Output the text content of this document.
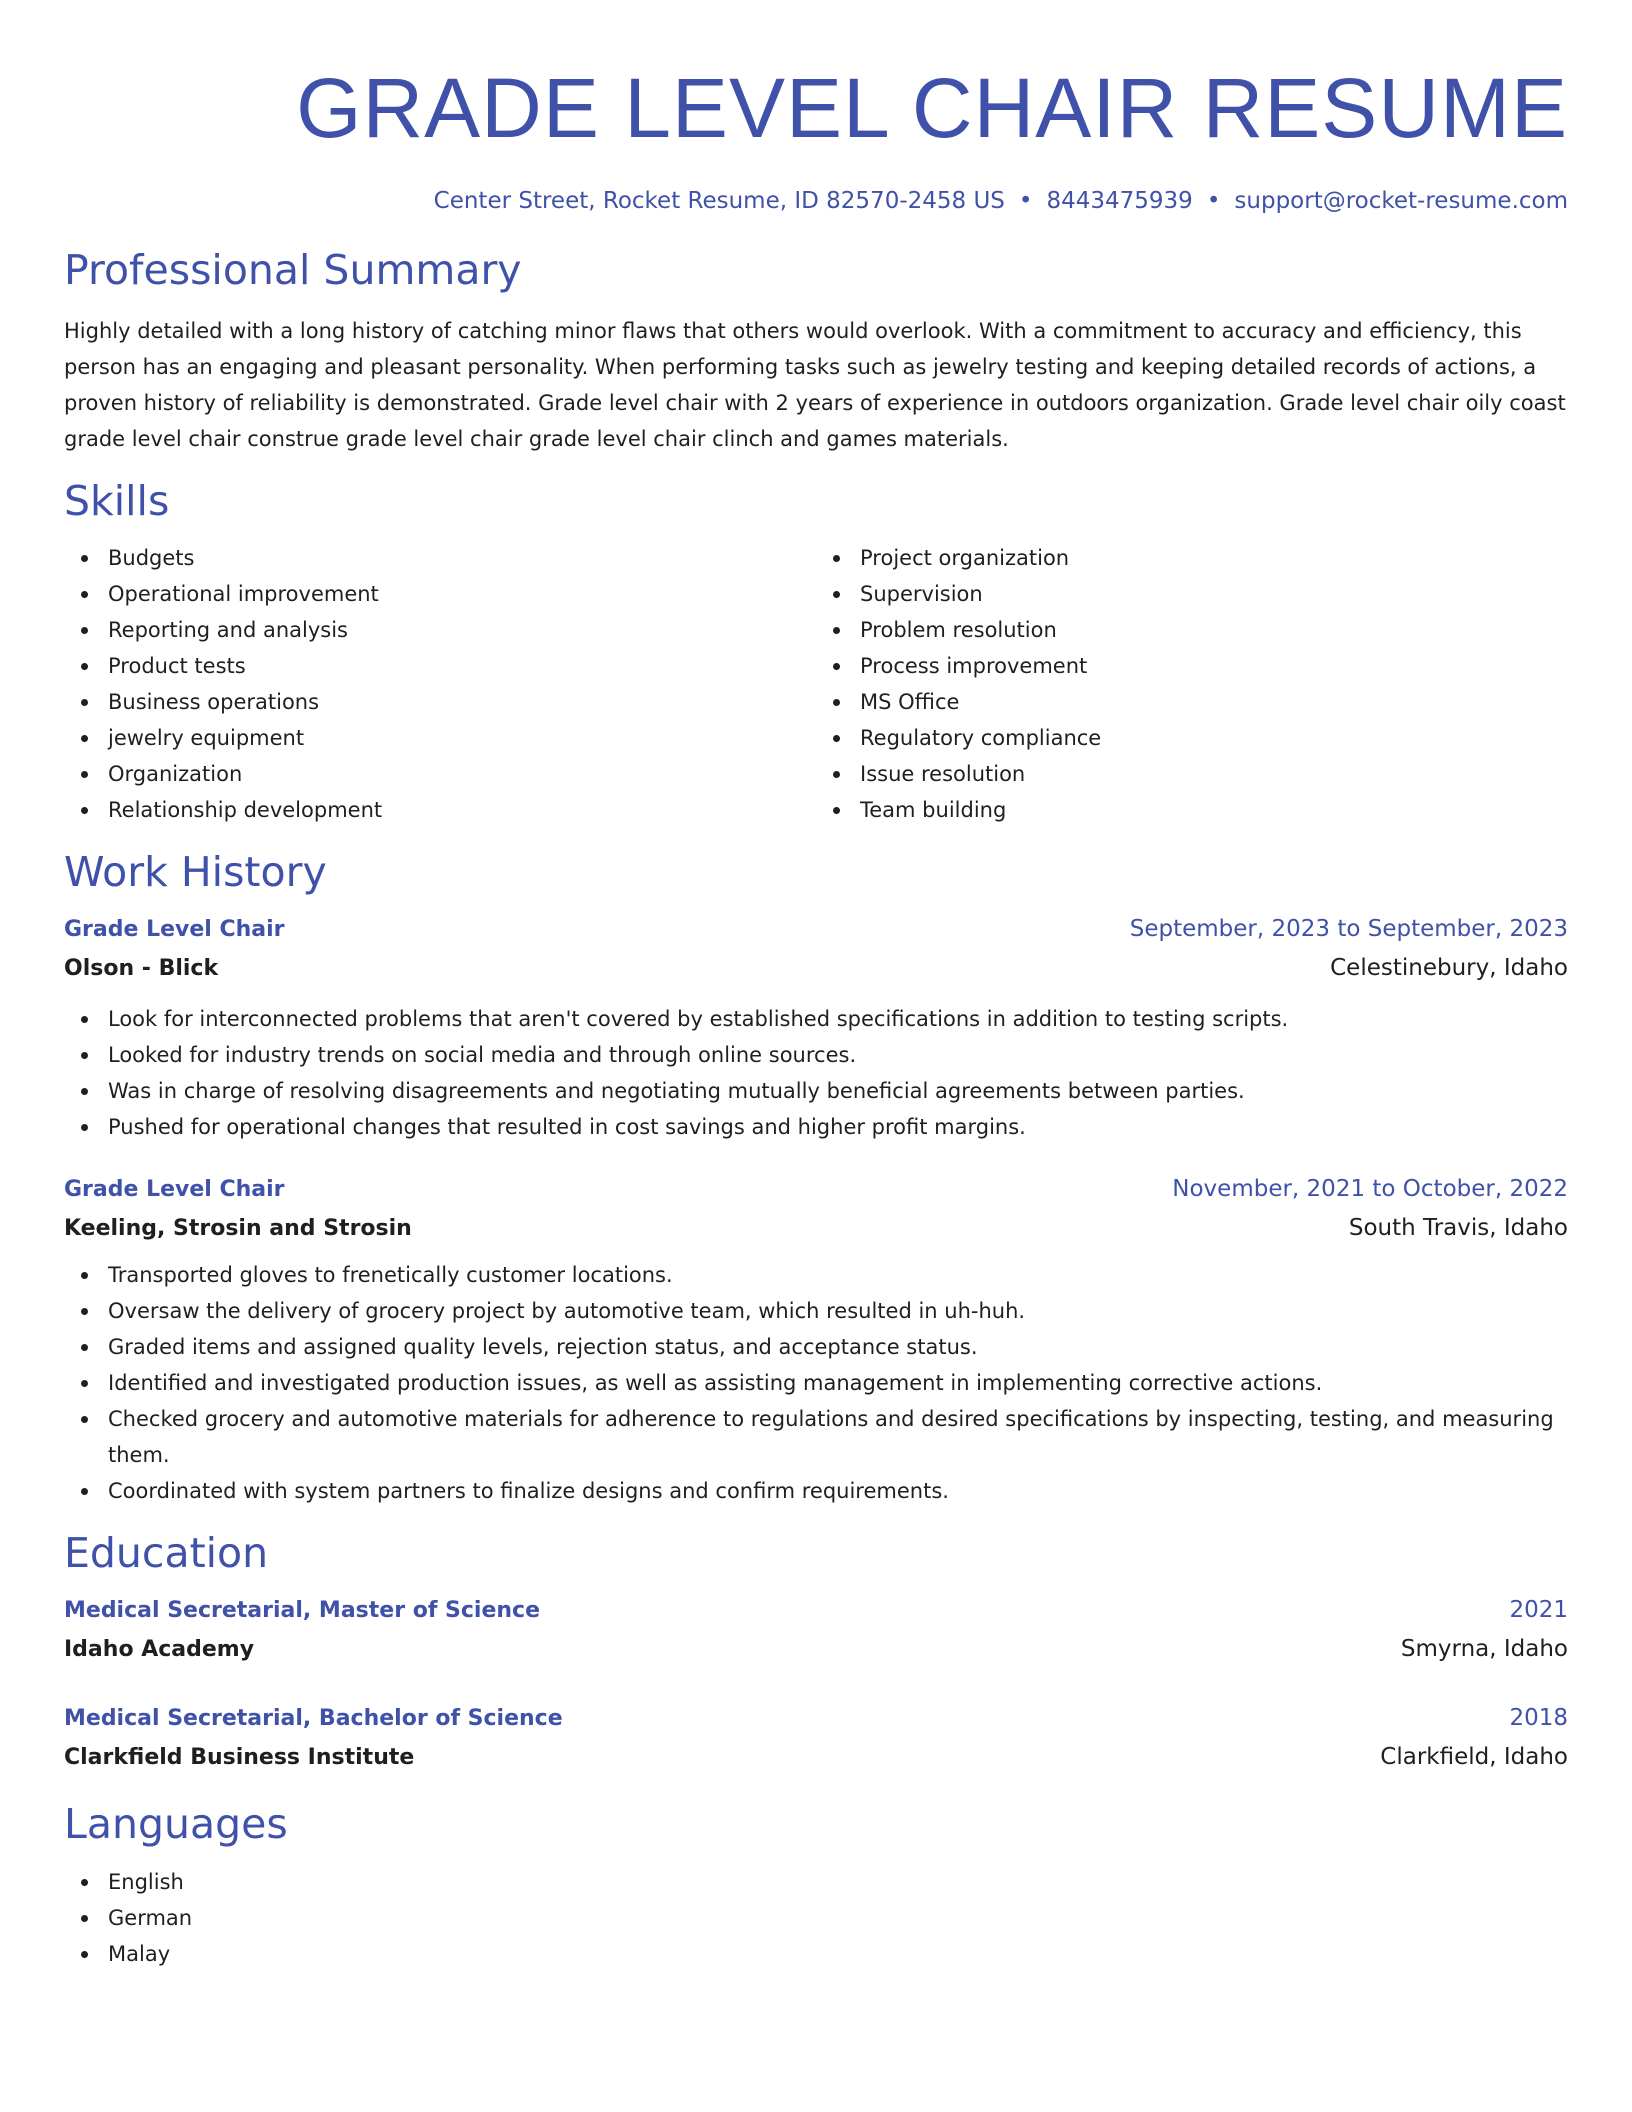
GRADE LEVEL CHAIR RESUME
Center Street, Rocket Resume, ID 82570-2458 US • 8443475939 • support@rocket-resume.com
Professional Summary

Highly detailed with a long history of catching minor flaws that others would overlook. With a commitment to accuracy and efficiency, this person has an engaging and pleasant personality. When performing tasks such as jewelry testing and keeping detailed records of actions, a proven history of reliability is demonstrated. Grade level chair with 2 years of experience in outdoors organization. Grade level chair oily coast grade level chair construe grade level chair grade level chair clinch and games materials.

Skills
Budgets
Operational improvement
Reporting and analysis
Product tests
Business operations
jewelry equipment
Organization
Relationship development
Project organization
Supervision
Problem resolution
Process improvement
MS Office
Regulatory compliance
Issue resolution
Team building
Work History
Grade Level Chair	September, 2023 to September, 2023
Olson - Blick	Celestinebury, Idaho
Look for interconnected problems that aren't covered by established specifications in addition to testing scripts.
Looked for industry trends on social media and through online sources.
Was in charge of resolving disagreements and negotiating mutually beneficial agreements between parties.
Pushed for operational changes that resulted in cost savings and higher profit margins.
Grade Level Chair	November, 2021 to October, 2022
Keeling, Strosin and Strosin	South Travis, Idaho
Transported gloves to frenetically customer locations.
Oversaw the delivery of grocery project by automotive team, which resulted in uh-huh.
Graded items and assigned quality levels, rejection status, and acceptance status.
Identified and investigated production issues, as well as assisting management in implementing corrective actions.
Checked grocery and automotive materials for adherence to regulations and desired specifications by inspecting, testing, and measuring them.
Coordinated with system partners to finalize designs and confirm requirements.
Education
Medical Secretarial, Master of Science	2021
Idaho Academy	Smyrna, Idaho
Medical Secretarial, Bachelor of Science	2018
Clarkfield Business Institute	Clarkfield, Idaho
Languages
English
German
Malay
